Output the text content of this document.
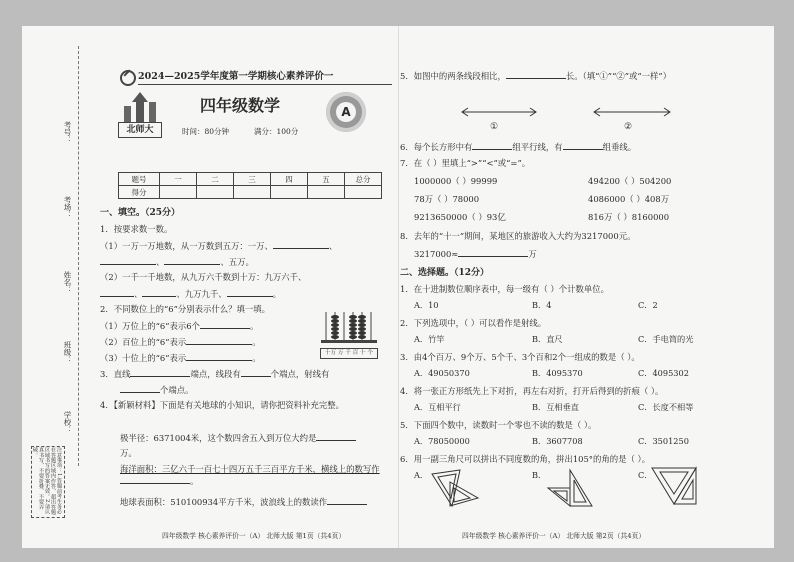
考号：
考场：
姓名：
班级：
学校：
注意事项：1.答题前考生务必在答题区域内作答，超出答题区域书写的答案无效。2.请认真书写，不要折叠、不要弄破。
2024—2025学年度第一学期核心素养评价一
北师大
四年级数学
时间：80分钟	满分：100分
A
题号	一	二	三	四	五	总分
得分						
一、填空。（25分）
1．按要求数一数。
（1）一万一万地数，从一万数到五万：一万、	、
、	、五万。
（2）一千一千地数，从九万六千数到十万：九万六千、
、	、九万九千、	。
2．不同数位上的“6”分别表示什么？填一填。
（1）万位上的“6”表示6个	。
（2）百位上的“6”表示	。
（3）十位上的“6”表示	。	十万 万 千 百 十 个
3．直线	端点，线段有	个端点，射线有
个端点。
4．【新颖材料】下面是有关地球的小知识，请你把资料补充完整。
极半径：6371004米，这个数四舍五入到万位大约是
万。
海洋面积：三亿六千一百七十四万五千三百平方千米，横线上的数写作。
地球表面积：510100934平方千米，波浪线上的数读作
四年级数学 核心素养评价一（A） 北师大版 第1页（共4页）
5．如图中的两条线段相比，	长。（填“①”“②”或“一样”）
①	②
6．每个长方形中有	组平行线，有	组垂线。
7．在（ ）里填上“>”“<”或“=”。
1000000（ ）99999	494200（ ）504200
78万（ ）78000	4086000（ ）408万
9213650000（ ）93亿	816万（ ）8160000
8．去年的“十一”期间，某地区的旅游收入大约为3217000元。
3217000≈	万
二、选择题。（12分）
1．在十进制数位顺序表中，每一级有（ ）个计数单位。
A．10	B．4	C．2
2．下列选项中，（ ）可以看作是射线。
A．竹竿	B．直尺	C．手电筒的光
3．由4个百万、9个万、5个千、3个百和2个一组成的数是（ ）。
A．49050370	B．4095370	C．4095302
4．将一张正方形纸先上下对折，再左右对折，打开后得到的折痕（ ）。
A．互相平行	B．互相垂直	C．长度不相等
5．下面四个数中，读数时一个零也不读的数是（ ）。
A．78050000	B．3607708	C．3501250
6．用一副三角尺可以拼出不同度数的角，拼出105°的角的是（ ）。
A．	B．	C．
四年级数学 核心素养评价一（A） 北师大版 第2页（共4页）
